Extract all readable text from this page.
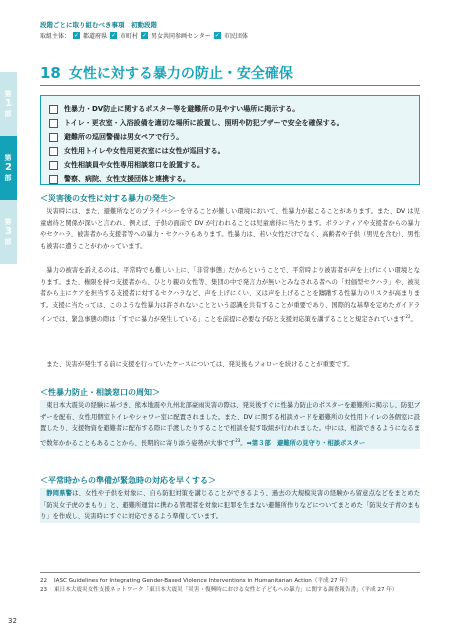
第1部
第2部
第3部
段階ごとに取り組むべき事項　初動段階
取組主体： ✓ 都道府県 ✓ 市町村 ✓ 男女共同参画センター ✓ 市民団体
18 女性に対する暴力の防止・安全確保
性暴力・DV防止に関するポスター等を避難所の見やすい場所に掲示する。
トイレ・更衣室・入浴設備を適切な場所に設置し、照明や防犯ブザーで安全を確保する。
避難所の巡回警備は男女ペアで行う。
女性用トイレや女性用更衣室には女性が巡回する。
女性相談員や女性専用相談窓口を設置する。
警察、病院、女性支援団体と連携する。
＜災害後の女性に対する暴力の発生＞
災害時には、また、避難所などのプライバシーを守ることが難しい環境において、性暴力が起こることがあります。また、DV は児童虐待と関係が深いと言われ、例えば、子供の面前で DV が行われることは児童虐待に当たります。ボランティアや支援者からの暴力やセクハラ、被害者から支援者等への暴力・セクハラもあります。性暴力は、若い女性だけでなく、高齢者や子供（男児を含む）、男性も被害に遭うことがわかっています。
暴力の被害を訴えるのは、平常時でも難しい上に、「非常事態」だからということで、平常時より被害者が声を上げにくい環境となります。また、権限を持つ支援者から、ひとり親の女性等、集団の中で発言力が無いとみなされる者への「対価型セクハラ」や、被災者から主にケアを担当する支援者に対するセクハラなど、声を上げにくい、又は声を上げることを躊躇する性暴力のリスクが高まります。支援に当たっては、このような性暴力は許されないことという認識を共有することが重要であり、国際的な基準を定めたガイドラインでは、緊急事態の際は「すでに暴力が発生している」ことを前提に必要な予防と支援対応策を講ずることと規定されています$^{22}$。
また、災害が発生する前に支援を行っていたケースについては、発災後もフォローを続けることが重要です。
＜性暴力防止・相談窓口の周知＞
東日本大震災の経験に基づき、熊本地震や九州北部豪雨災害の際は、発災後すぐに性暴力防止のポスターを避難所に掲示し、防犯ブザーを配布、女性用個室トイレやシャワー室に配置されました。また、DV に関する相談カードを避難所の女性用トイレの各個室に設置したり、支援物資を避難者に配布する際に手渡したりすることで相談を促す取組が行われました。中には、相談できるようになるまで数年かかることもあることから、長期的に寄り添う姿勢が大事です$^{23}$。➡第３部　避難所の見守り・相談ポスター
＜平常時からの準備が緊急時の対応を早くする＞
静岡県警は、女性や子供を対象に、自ら防犯対策を講じることができるよう、過去の大規模災害の経験から留意点などをまとめた「防災女子虎のまもり」と、避難所運営に携わる管理者を対象に犯罪を生まない避難所作りなどについてまとめた「防災女子青のまもり」を作成し、災害時にすぐに対応できるよう準備しています。
22	IASC Guidelines for Integrating Gender-Based Violence Interventions in Humanitarian Action（平成 27 年）
23	東日本大震災女性支援ネットワーク「東日本大震災「災害・復興時における女性と子どもへの暴力」に関する調査報告書」（平成 27 年）
32
